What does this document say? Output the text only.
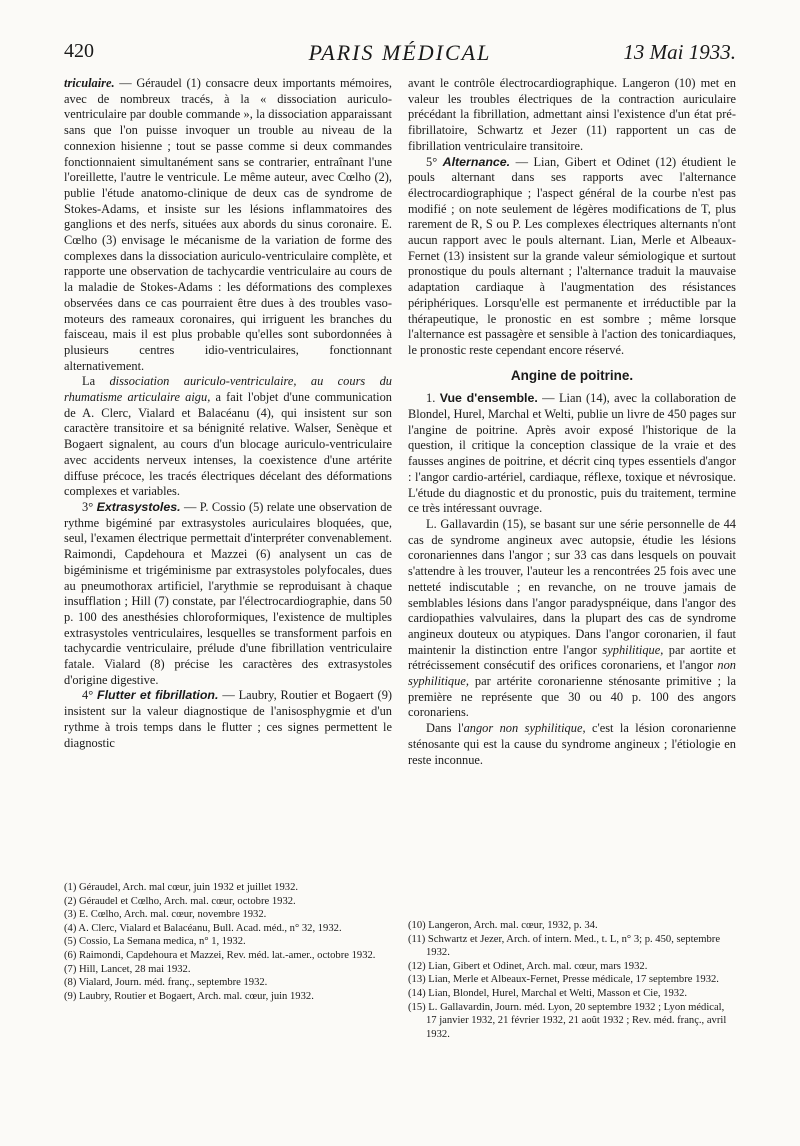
420	PARIS MÉDICAL	13 Mai 1933.

triculaire. — Géraudel (1) consacre deux importants mémoires, avec de nombreux tracés, à la « dissociation auriculo-ventriculaire par double commande », la dissociation apparaissant sans que l'on puisse invoquer un trouble au niveau de la connexion hisienne ; tout se passe comme si deux commandes fonctionnaient simultanément sans se contrarier, entraînant l'une l'oreillette, l'autre le ventricule. Le même auteur, avec Cœlho (2), publie l'étude anatomo-clinique de deux cas de syndrome de Stokes-Adams, et insiste sur les lésions inflammatoires des ganglions et des nerfs, situées aux abords du sinus coronaire. E. Cœlho (3) envisage le mécanisme de la variation de forme des complexes dans la dissociation auriculo-ventriculaire complète, et rapporte une observation de tachycardie ventriculaire au cours de la maladie de Stokes-Adams : les déformations des complexes observées dans ce cas pourraient être dues à des troubles vaso-moteurs des rameaux coronaires, qui irriguent les branches du faisceau, mais il est plus probable qu'elles sont subordonnées à plusieurs centres idio-ventriculaires, fonctionnant alternativement.

La dissociation auriculo-ventriculaire, au cours du rhumatisme articulaire aigu, a fait l'objet d'une communication de A. Clerc, Vialard et Balacéanu (4), qui insistent sur son caractère transitoire et sa bénignité relative. Walser, Senèque et Bogaert signalent, au cours d'un blocage auriculo-ventriculaire avec accidents nerveux intenses, la coexistence d'une artérite diffuse précoce, les tracés électriques décelant des déformations complexes et variables.

3° Extrasystoles. — P. Cossio (5) relate une observation de rythme bigéminé par extrasystoles auriculaires bloquées, que, seul, l'examen électrique permettait d'interpréter convenablement. Raimondi, Capdehoura et Mazzei (6) analysent un cas de bigéminisme et trigéminisme par extrasystoles polyfocales, dues au pneumothorax artificiel, l'arythmie se reproduisant à chaque insufflation ; Hill (7) constate, par l'électrocardiographie, dans 50 p. 100 des anesthésies chloroformiques, l'existence de multiples extrasystoles ventriculaires, lesquelles se transforment parfois en tachycardie ventriculaire, prélude d'une fibrillation ventriculaire fatale. Vialard (8) précise les caractères des extrasystoles d'origine digestive.

4° Flutter et fibrillation. — Laubry, Routier et Bogaert (9) insistent sur la valeur diagnostique de l'anisosphygmie et d'un rythme à trois temps dans le flutter ; ces signes permettent le diagnostic

avant le contrôle électrocardiographique. Langeron (10) met en valeur les troubles électriques de la contraction auriculaire précédant la fibrillation, admettant ainsi l'existence d'un état pré-fibrillatoire, Schwartz et Jezer (11) rapportent un cas de fibrillation ventriculaire transitoire.

5° Alternance. — Lian, Gibert et Odinet (12) étudient le pouls alternant dans ses rapports avec l'alternance électrocardiographique ; l'aspect général de la courbe n'est pas modifié ; on note seulement de légères modifications de T, plus rarement de R, S ou P. Les complexes électriques alternants n'ont aucun rapport avec le pouls alternant. Lian, Merle et Albeaux-Fernet (13) insistent sur la grande valeur sémiologique et surtout pronostique du pouls alternant ; l'alternance traduit la mauvaise adaptation cardiaque à l'augmentation des résistances périphériques. Lorsqu'elle est permanente et irréductible par la thérapeutique, le pronostic en est sombre ; même lorsque l'alternance est passagère et sensible à l'action des tonicardiaques, le pronostic reste cependant encore réservé.

Angine de poitrine.

1. Vue d'ensemble. — Lian (14), avec la collaboration de Blondel, Hurel, Marchal et Welti, publie un livre de 450 pages sur l'angine de poitrine. Après avoir exposé l'historique de la question, il critique la conception classique de la vraie et des fausses angines de poitrine, et décrit cinq types essentiels d'angor : l'angor cardio-artériel, cardiaque, réflexe, toxique et névrosique. L'étude du diagnostic et du pronostic, puis du traitement, termine ce très intéressant ouvrage.

L. Gallavardin (15), se basant sur une série personnelle de 44 cas de syndrome angineux avec autopsie, étudie les lésions coronariennes dans l'angor ; sur 33 cas dans lesquels on pouvait s'attendre à les trouver, l'auteur les a rencontrées 25 fois avec une netteté indiscutable ; en revanche, on ne trouve jamais de semblables lésions dans l'angor paradyspnéique, dans l'angor des cardiopathies valvulaires, dans la plupart des cas de syndrome angineux douteux ou atypiques. Dans l'angor coronarien, il faut maintenir la distinction entre l'angor syphilitique, par aortite et rétrécissement consécutif des orifices coronariens, et l'angor non syphilitique, par artérite coronarienne sténosante primitive ; la première ne représente que 30 ou 40 p. 100 des angors coronariens.

Dans l'angor non syphilitique, c'est la lésion coronarienne sténosante qui est la cause du syndrome angineux ; l'étiologie en reste inconnue.

(1) Géraudel, Arch. mal cœur, juin 1932 et juillet 1932.
(2) Géraudel et Cœlho, Arch. mal. cœur, octobre 1932.
(3) E. Cœlho, Arch. mal. cœur, novembre 1932.
(4) A. Clerc, Vialard et Balacéanu, Bull. Acad. méd., n° 32, 1932.
(5) Cossio, La Semana medica, n° 1, 1932.
(6) Raimondi, Capdehoura et Mazzei, Rev. méd. lat.-amer., octobre 1932.
(7) Hill, Lancet, 28 mai 1932.
(8) Vialard, Journ. méd. franç., septembre 1932.
(9) Laubry, Routier et Bogaert, Arch. mal. cœur, juin 1932.
(10) Langeron, Arch. mal. cœur, 1932, p. 34.
(11) Schwartz et Jezer, Arch. of intern. Med., t. L, n° 3; p. 450, septembre 1932.
(12) Lian, Gibert et Odinet, Arch. mal. cœur, mars 1932.
(13) Lian, Merle et Albeaux-Fernet, Presse médicale, 17 septembre 1932.
(14) Lian, Blondel, Hurel, Marchal et Welti, Masson et Cie, 1932.
(15) L. Gallavardin, Journ. méd. Lyon, 20 septembre 1932 ; Lyon médical, 17 janvier 1932, 21 février 1932, 21 août 1932 ; Rev. méd. franç., avril 1932.
